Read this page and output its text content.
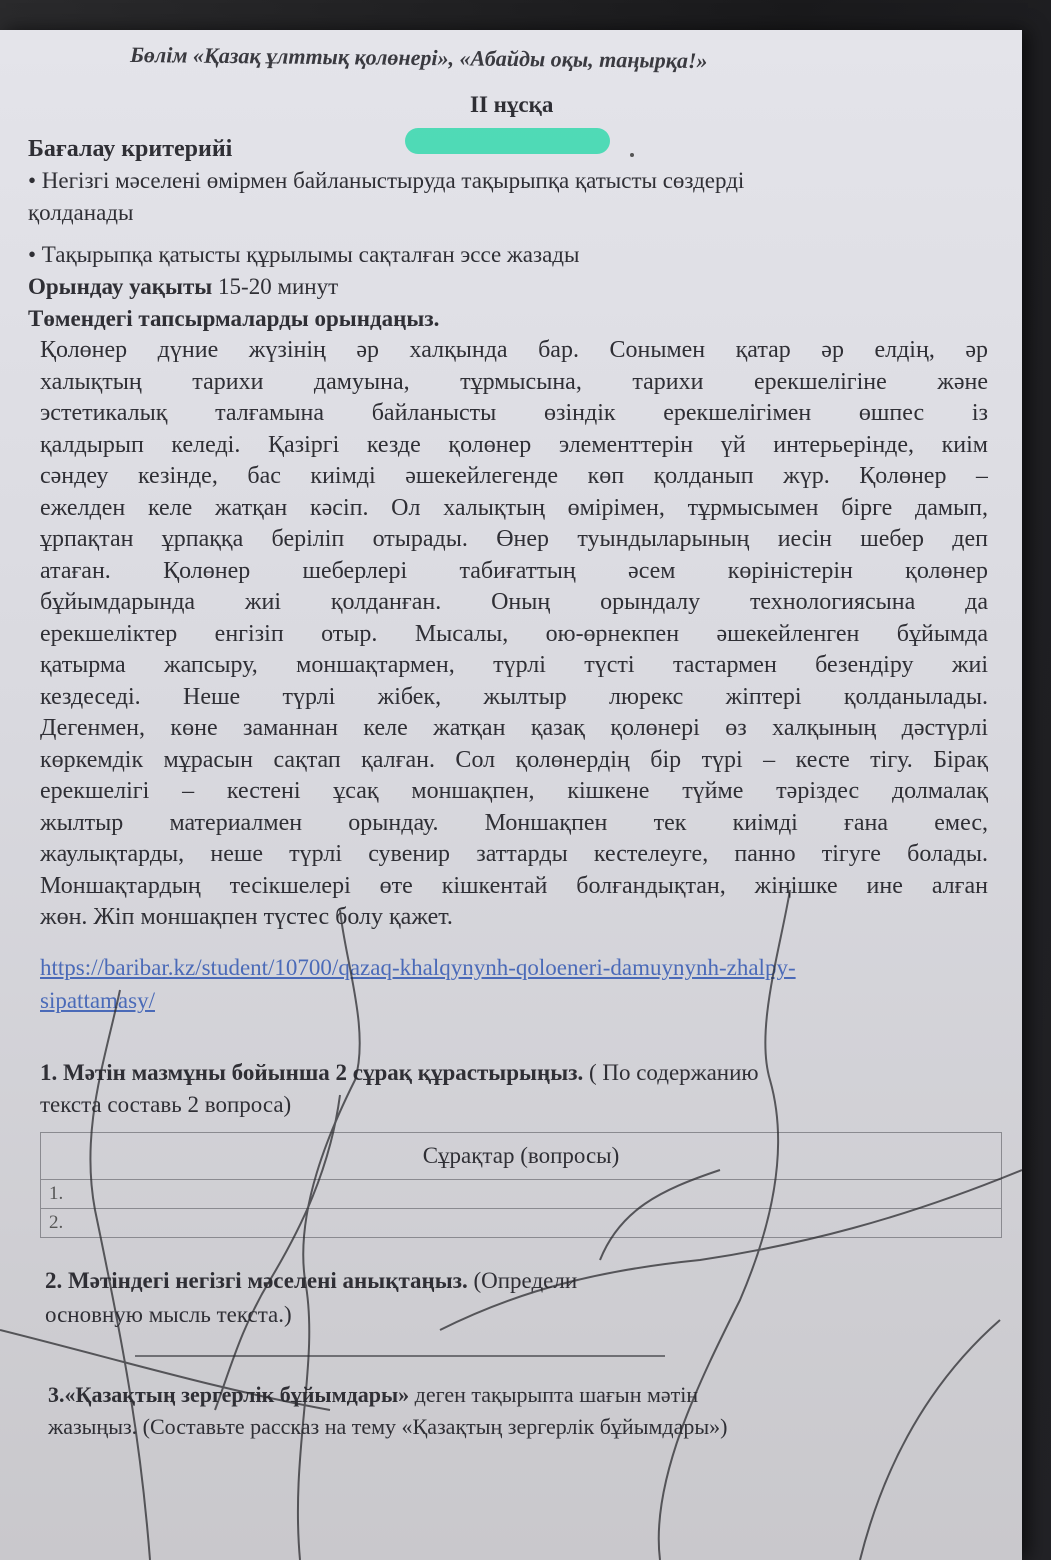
Бөлім «Қазақ ұлттық қолөнері», «Абайды оқы, таңырқа!»
ІІ нұсқа
Бағалау критерийі
• Негізгі мәселені өмірмен байланыстыруда тақырыпқа қатысты сөздерді
қолданады
• Тақырыпқа қатысты құрылымы сақталған эссе жазады
Орындау уақыты 15-20 минут
Төмендегі тапсырмаларды орындаңыз.
Қолөнер дүние жүзінің әр халқында бар. Сонымен қатар әр елдің, әр
халықтың тарихи дамуына, тұрмысына, тарихи ерекшелігіне және
эстетикалық талғамына байланысты өзіндік ерекшелігімен өшпес із
қалдырып келеді. Қазіргі кезде қолөнер элементтерін үй интерьерінде, киім
сәндеу кезінде, бас киімді әшекейлегенде көп қолданып жүр. Қолөнер –
ежелден келе жатқан кәсіп. Ол халықтың өмірімен, тұрмысымен бірге дамып,
ұрпақтан ұрпаққа беріліп отырады. Өнер туындыларының иесін шебер деп
атаған. Қолөнер шеберлері табиғаттың әсем көріністерін қолөнер
бұйымдарында жиі қолданған. Оның орындалу технологиясына да
ерекшеліктер енгізіп отыр. Мысалы, ою-өрнекпен әшекейленген бұйымда
қатырма жапсыру, моншақтармен, түрлі түсті тастармен безендіру жиі
кездеседі. Неше түрлі жібек, жылтыр люрекс жіптері қолданылады.
Дегенмен, көне заманнан келе жатқан қазақ қолөнері өз халқының дәстүрлі
көркемдік мұрасын сақтап қалған. Сол қолөнердің бір түрі – кесте тігу. Бірақ
ерекшелігі – кестені ұсақ моншақпен, кішкене түйме тәріздес долмалақ
жылтыр материалмен орындау. Моншақпен тек киімді ғана емес,
жаулықтарды, неше түрлі сувенир заттарды кестелеуге, панно тігуге болады.
Моншақтардың тесікшелері өте кішкентай болғандықтан, жіңішке ине алған
жөн. Жіп моншақпен түстес болу қажет.
https://baribar.kz/student/10700/qazaq-khalqynynh-qoloeneri-damuynynh-zhalpy-
sipattamasy/
1. Мәтін мазмұны бойынша 2 сұрақ құрастырыңыз. ( По содержанию
текста составь 2 вопроса)
Сұрақтар (вопросы)
1.
2.
2. Мәтіндегі негізгі мәселені анықтаңыз. (Определи
основную мысль текста.)
3.«Қазақтың зергерлік бұйымдары» деген тақырыпта шағын мәтін
жазыңыз. (Составьте рассказ на тему «Қазақтың зергерлік бұйымдары»)
